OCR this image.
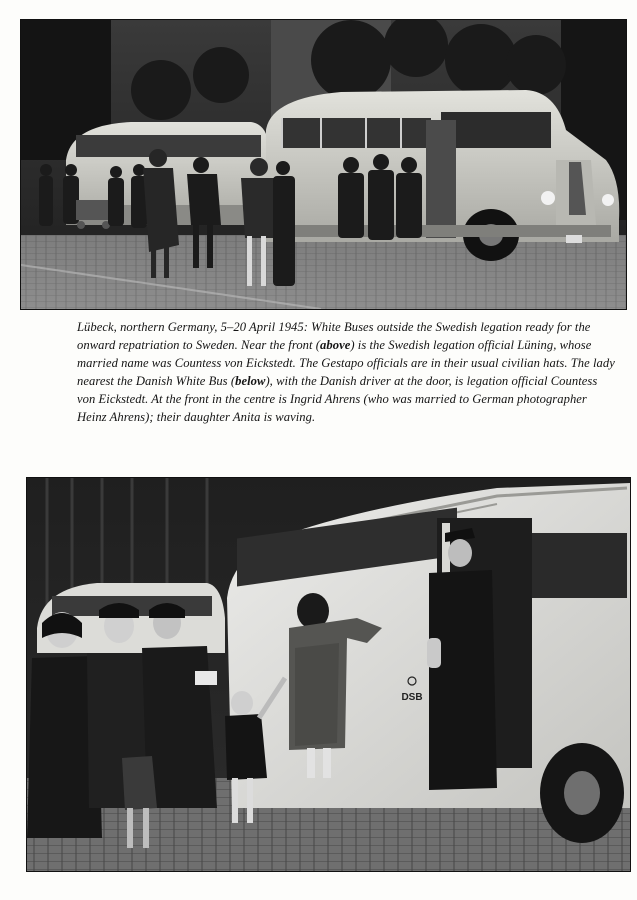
Lübeck, northern Germany, 5–20 April 1945: White Buses outside the Swedish legation ready for the onward repatriation to Sweden. Near the front (above) is the Swedish legation official Lüning, whose married name was Countess von Eickstedt. The Gestapo officials are in their usual civilian hats. The lady nearest the Danish White Bus (below), with the Danish driver at the door, is legation official Countess von Eickstedt. At the front in the centre is Ingrid Ahrens (who was married to German photographer Heinz Ahrens); their daughter Anita is waving.

DSB
